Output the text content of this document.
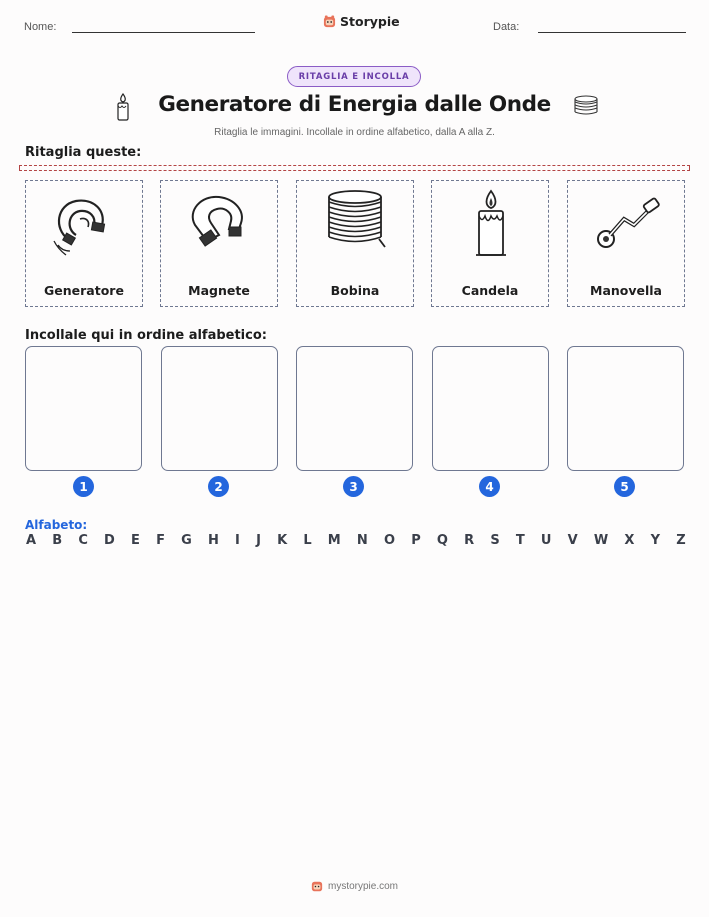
Nome:	Storypie	Data:
RITAGLIA E INCOLLA
Generatore di Energia dalle Onde
Ritaglia le immagini. Incollale in ordine alfabetico, dalla A alla Z.
Ritaglia queste:
Generatore	Magnete	Bobina	Candela	Manovella
Incollale qui in ordine alfabetico:
1	2	3	4	5
Alfabeto:
A B C D E F G H I J K L M N O P Q R S T U V W X Y Z
mystorypie.com
